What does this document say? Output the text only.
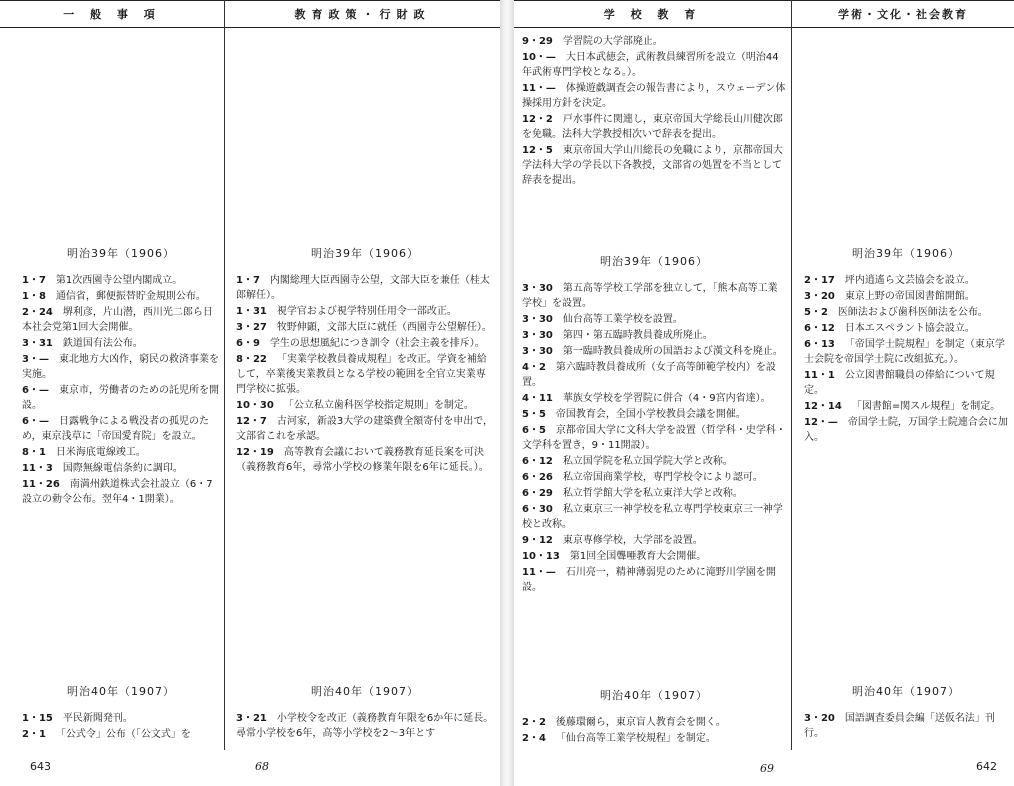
一 般 事 項	教育政策・行財政
明治39年（1906）
1・7  第1次西園寺公望内閣成立。
1・8  通信省，郵便振替貯金規則公布。
2・24  堺利彦，片山潜，西川光二郎ら日本社会党第1回大会開催。
3・31  鉄道国有法公布。
3・—  東北地方大凶作，窮民の救済事業を実施。
6・—  東京市，労働者のための託児所を開設。
6・—  日露戦争による戦没者の孤児のため，東京浅草に「帝国愛育院」を設立。
8・1  日米海底電線竣工。
11・3  国際無線電信条約に調印。
11・26  南満州鉄道株式会社設立（6・7設立の勅令公布。翌年4・1開業）。
明治39年（1906）
1・7  内閣総理大臣西園寺公望，文部大臣を兼任（桂太郎解任）。
1・31  視学官および視学特別任用令一部改正。
3・27  牧野伸顕，文部大臣に就任（西園寺公望解任）。
6・9  学生の思想風紀につき訓令（社会主義を排斥）。
8・22  「実業学校教員養成規程」を改正。学資を補給して，卒業後実業教員となる学校の範囲を全官立実業専門学校に拡張。
10・30  「公立私立歯科医学校指定規則」を制定。
12・7  古河家，新設3大学の建築費全額寄付を申出で，文部省これを承認。
12・19  高等教育会議において義務教育延長案を可決（義務教育6年，尋常小学校の修業年限を6年に延長。）。
明治40年（1907）
1・15  平民新聞発刊。
2・1  「公式令」公布（「公文式」を
明治40年（1907）
3・21  小学校令を改正（義務教育年限を6か年に延長。尋常小学校を6年，高等小学校を2～3年とす
643	68
学 校 教 育	学術・文化・社会教育
9・29  学習院の大学部廃止。
10・—  大日本武徳会，武術教員練習所を設立（明治44年武術専門学校となる。）。
11・—  体操遊戯調査会の報告書により，スウェーデン体操採用方針を決定。
12・2  戸水事件に関連し，東京帝国大学総長山川健次郎を免職。法科大学教授相次いで辞表を提出。
12・5  東京帝国大学山川総長の免職により，京都帝国大学法科大学の学長以下各教授，文部省の処置を不当として辞表を提出。
明治39年（1906）
3・30  第五高等学校工学部を独立して，「熊本高等工業学校」を設置。
3・30  仙台高等工業学校を設置。
3・30  第四・第五臨時教員養成所廃止。
3・30  第一臨時教員養成所の国語および漢文科を廃止。
4・2  第六臨時教員養成所（女子高等師範学校内）を設置。
4・11  華族女学校を学習院に併合（4・9宮内省達）。
5・5  帝国教育会，全国小学校教員会議を開催。
6・5  京都帝国大学に文科大学を設置（哲学科・史学科・文学科を置き，9・11開設）。
6・12  私立国学院を私立国学院大学と改称。
6・26  私立帝国商業学校，専門学校令により認可。
6・29  私立哲学館大学を私立東洋大学と改称。
6・30  私立東京三一神学校を私立専門学校東京三一神学校と改称。
9・12  東京専修学校，大学部を設置。
10・13  第1回全国聾唖教育大会開催。
11・—  石川亮一，精神薄弱児のために滝野川学園を開設。
明治39年（1906）
2・17  坪内逍遙ら文芸協会を設立。
3・20  東京上野の帝国図書館開館。
5・2  医師法および歯科医師法を公布。
6・12  日本エスペラント協会設立。
6・13  「帝国学士院規程」を制定（東京学士会院を帝国学士院に改組拡充。）。
11・1  公立図書館職員の俸給について規定。
12・14  「図書館=関スル規程」を制定。
12・—  帝国学士院，万国学士院連合会に加入。
明治40年（1907）
2・2  後藤環爾ら，東京盲人教育会を開く。
2・4  「仙台高等工業学校規程」を制定。
明治40年（1907）
3・20  国語調査委員会編「送仮名法」刊行。
69	642
